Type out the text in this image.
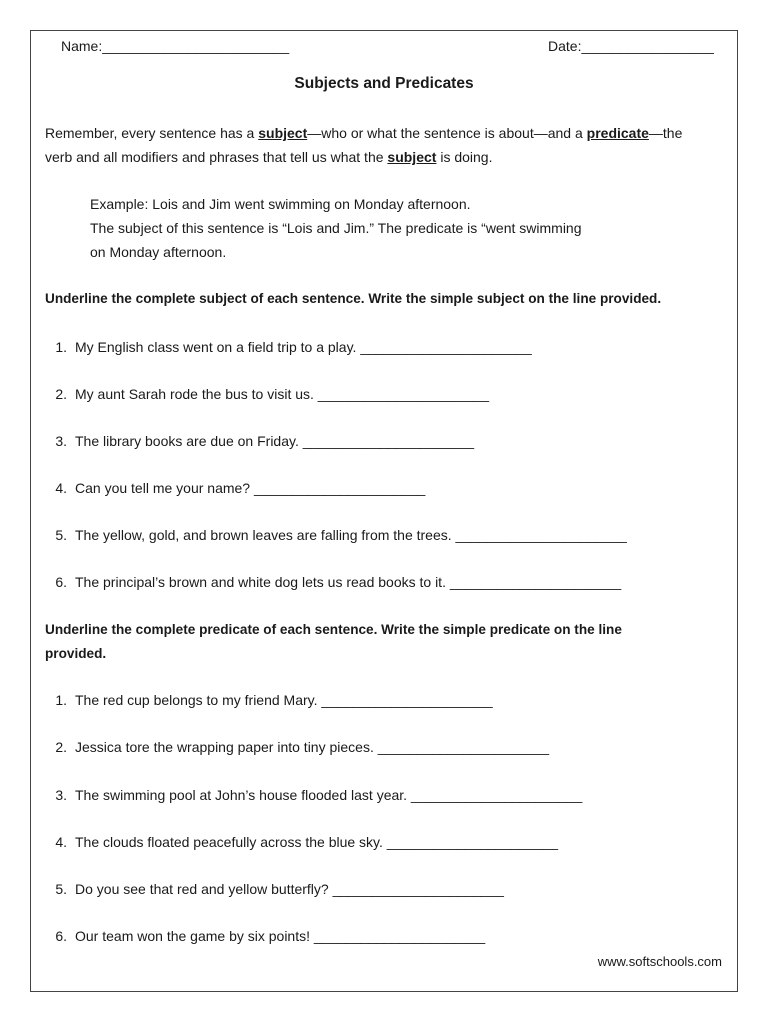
Name:________________________	Date:_________________
Subjects and Predicates
Remember, every sentence has a subject—who or what the sentence is about—and a predicate—the
verb and all modifiers and phrases that tell us what the subject is doing.
Example: Lois and Jim went swimming on Monday afternoon.
The subject of this sentence is “Lois and Jim.” The predicate is “went swimming
on Monday afternoon.
Underline the complete subject of each sentence. Write the simple subject on the line provided.
1. My English class went on a field trip to a play. ______________________
2. My aunt Sarah rode the bus to visit us. ______________________
3. The library books are due on Friday. ______________________
4. Can you tell me your name? ______________________
5. The yellow, gold, and brown leaves are falling from the trees. ______________________
6. The principal’s brown and white dog lets us read books to it. ______________________
Underline the complete predicate of each sentence. Write the simple predicate on the line
provided.
1. The red cup belongs to my friend Mary. ______________________
2. Jessica tore the wrapping paper into tiny pieces. ______________________
3. The swimming pool at John’s house flooded last year. ______________________
4. The clouds floated peacefully across the blue sky. ______________________
5. Do you see that red and yellow butterfly? ______________________
6. Our team won the game by six points! ______________________
www.softschools.com
